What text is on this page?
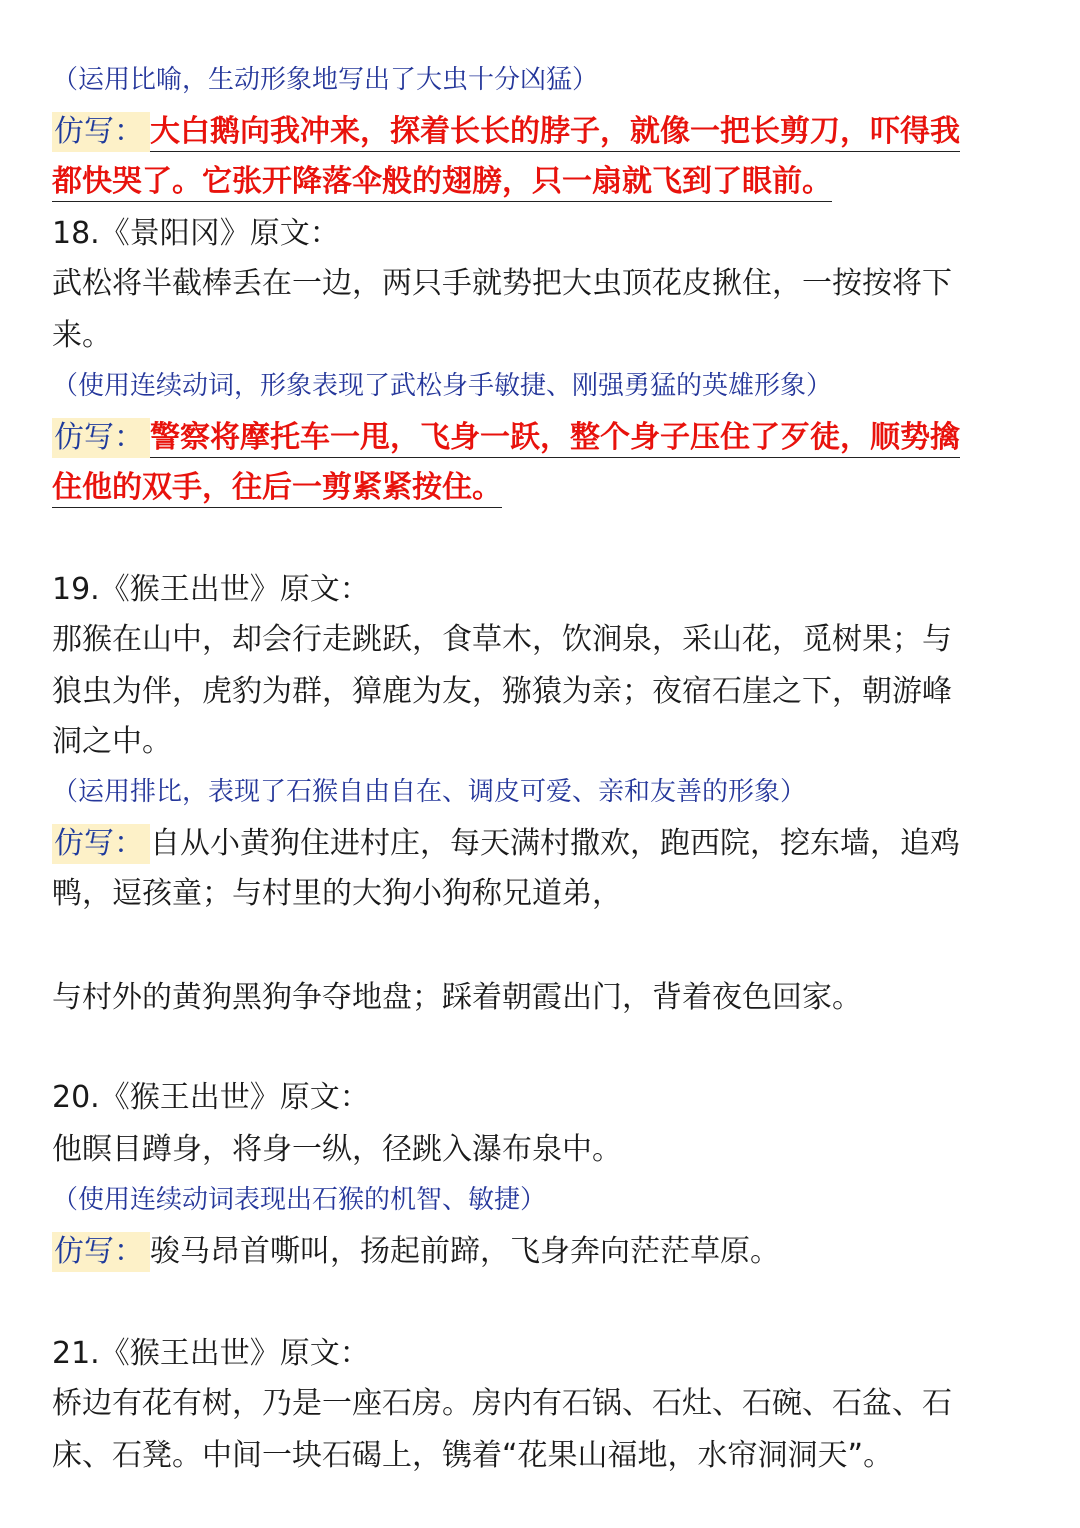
（运用比喻，生动形象地写出了大虫十分凶猛）
仿写： 大白鹅向我冲来，探着长长的脖子，就像一把长剪刀，吓得我
都快哭了。它张开降落伞般的翅膀，只一扇就飞到了眼前。
18.《景阳冈》原文：
武松将半截棒丢在一边，两只手就势把大虫顶花皮揪住，一按按将下
来。
（使用连续动词，形象表现了武松身手敏捷、刚强勇猛的英雄形象）
仿写： 警察将摩托车一甩，飞身一跃，整个身子压住了歹徒，顺势擒
住他的双手，往后一剪紧紧按住。
19.《猴王出世》原文：
那猴在山中，却会行走跳跃，食草木，饮涧泉，采山花，觅树果；与
狼虫为伴，虎豹为群，獐鹿为友，猕猿为亲；夜宿石崖之下，朝游峰
洞之中。
（运用排比，表现了石猴自由自在、调皮可爱、亲和友善的形象）
仿写： 自从小黄狗住进村庄，每天满村撒欢，跑西院，挖东墙，追鸡
鸭，逗孩童；与村里的大狗小狗称兄道弟，
与村外的黄狗黑狗争夺地盘；踩着朝霞出门，背着夜色回家。
20.《猴王出世》原文：
他瞑目蹲身，将身一纵，径跳入瀑布泉中。
（使用连续动词表现出石猴的机智、敏捷）
仿写： 骏马昂首嘶叫，扬起前蹄，飞身奔向茫茫草原。
21.《猴王出世》原文：
桥边有花有树，乃是一座石房。房内有石锅、石灶、石碗、石盆、石
床、石凳。中间一块石碣上，镌着“花果山福地，水帘洞洞天”。
